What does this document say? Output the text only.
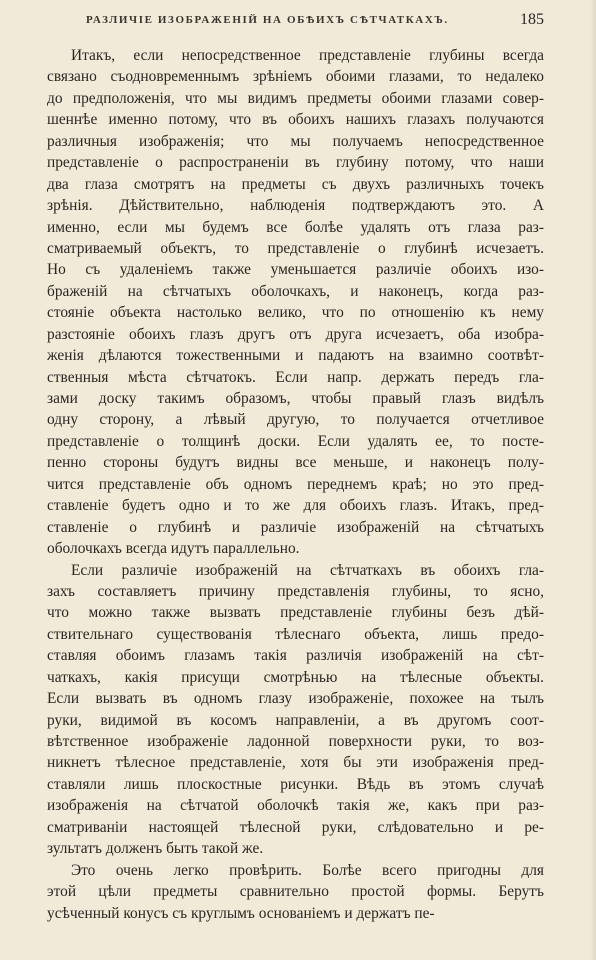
РАЗЛИЧІЕ ИЗОБРАЖЕНІЙ НА ОБѢИХЪ СѢТЧАТКАХЪ.	185
Итакъ, если непосредственное представленіе глубины всегда
связано съодновременнымъ зрѣніемъ обоими глазами, то недалеко
до предположенія, что мы видимъ предметы обоими глазами совер-
шеннѣе именно потому, что въ обоихъ нашихъ глазахъ получаются
различныя изображенія; что мы получаемъ непосредственное
представленіе о распространеніи въ глубину потому, что наши
два глаза смотрятъ на предметы съ двухъ различныхъ точекъ
зрѣнія. Дѣйствительно, наблюденія подтверждаютъ это. А
именно, если мы будемъ все болѣе удалять отъ глаза раз-
сматриваемый объектъ, то представленіе о глубинѣ исчезаетъ.
Но съ удаленіемъ также уменьшается различіе обоихъ изо-
браженій на сѣтчатыхъ оболочкахъ, и наконецъ, когда раз-
стояніе объекта настолько велико, что по отношенію къ нему
разстояніе обоихъ глазъ другъ отъ друга исчезаетъ, оба изобра-
женія дѣлаются тожественными и падаютъ на взаимно соотвѣт-
ственныя мѣста сѣтчатокъ. Если напр. держать передъ гла-
зами доску такимъ образомъ, чтобы правый глазъ видѣлъ
одну сторону, а лѣвый другую, то получается отчетливое
представленіе о толщинѣ доски. Если удалять ее, то посте-
пенно стороны будутъ видны все меньше, и наконецъ полу-
чится представленіе объ одномъ переднемъ краѣ; но это пред-
ставленіе будетъ одно и то же для обоихъ глазъ. Итакъ, пред-
ставленіе о глубинѣ и различіе изображеній на сѣтчатыхъ
оболочкахъ всегда идутъ параллельно.
Если различіе изображеній на сѣтчаткахъ въ обоихъ гла-
захъ составляетъ причину представленія глубины, то ясно,
что можно также вызвать представленіе глубины безъ дѣй-
ствительнаго существованія тѣлеснаго объекта, лишь предо-
ставляя обоимъ глазамъ такія различія изображеній на сѣт-
чаткахъ, какія присущи смотрѣнью на тѣлесные объекты.
Если вызвать въ одномъ глазу изображеніе, похожее на тылъ
руки, видимой въ косомъ направленіи, а въ другомъ соот-
вѣтственное изображеніе ладонной поверхности руки, то воз-
никнетъ тѣлесное представленіе, хотя бы эти изображенія пред-
ставляли лишь плоскостные рисунки. Вѣдь въ этомъ случаѣ
изображенія на сѣтчатой оболочкѣ такія же, какъ при раз-
сматриваніи настоящей тѣлесной руки, слѣдовательно и ре-
зультатъ долженъ быть такой же.
Это очень легко провѣрить. Болѣе всего пригодны для
этой цѣли предметы сравнительно простой формы. Берутъ
усѣченный конусъ съ круглымъ основаніемъ и держатъ пе-
